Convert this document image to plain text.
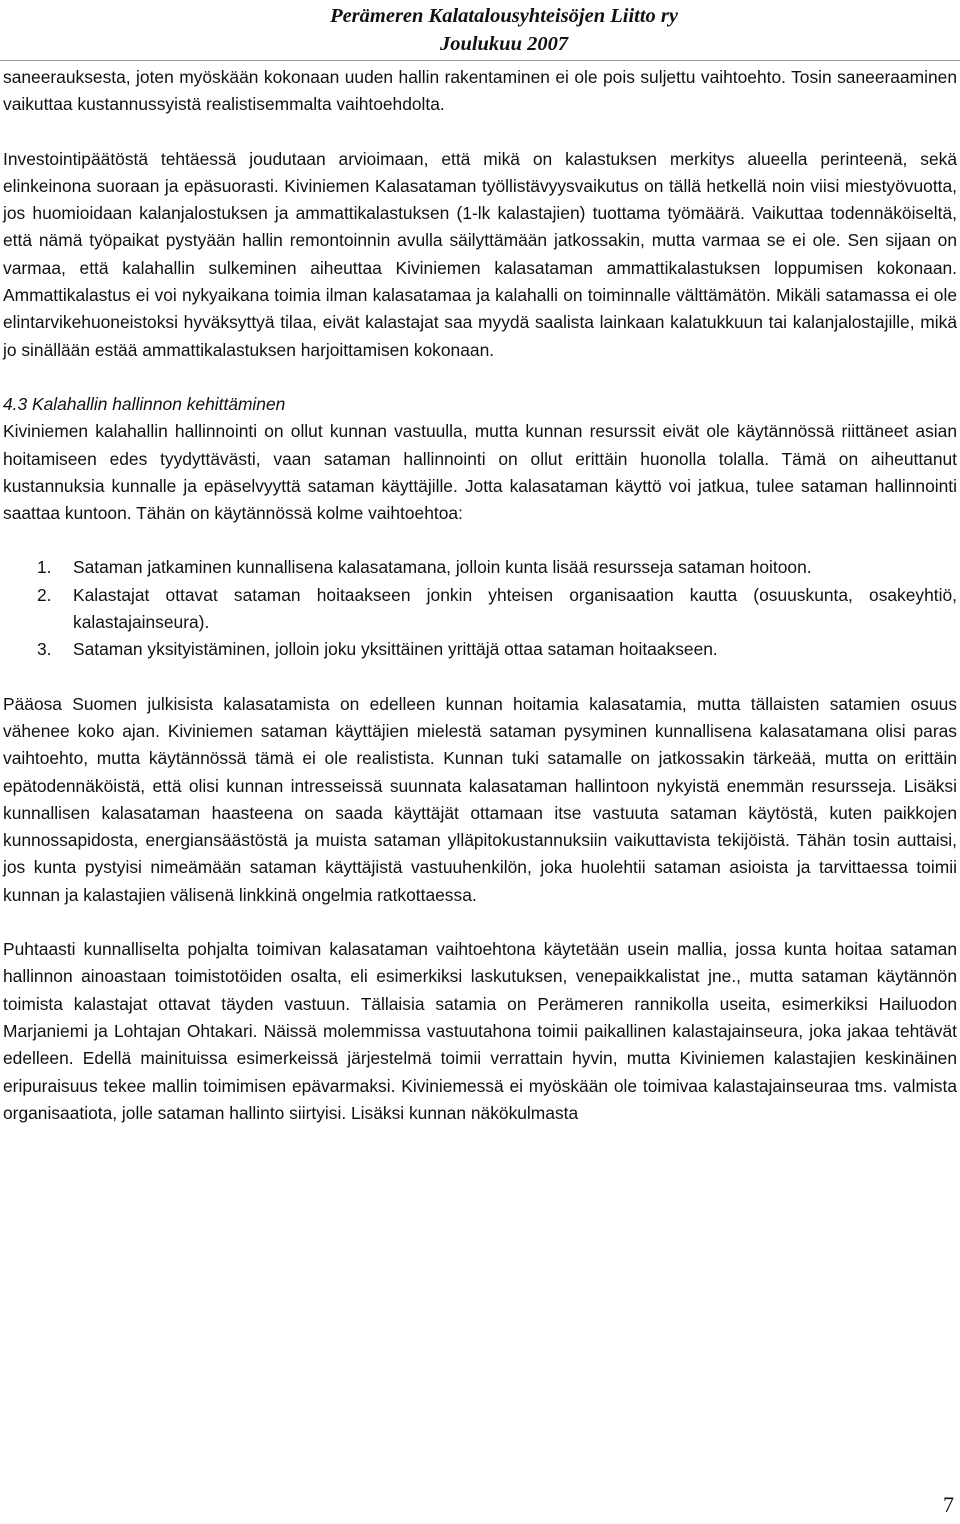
Perämeren Kalatalousyhteisöjen Liitto ry
Joulukuu 2007

saneerauksesta, joten myöskään kokonaan uuden hallin rakentaminen ei ole pois suljettu vaihtoehto. Tosin saneeraaminen vaikuttaa kustannussyistä realistisemmalta vaihtoehdolta.

Investointipäätöstä tehtäessä joudutaan arvioimaan, että mikä on kalastuksen merkitys alueella perinteenä, sekä elinkeinona suoraan ja epäsuorasti. Kiviniemen Kalasataman työllistävyysvaikutus on tällä hetkellä noin viisi miestyövuotta, jos huomioidaan kalanjalostuksen ja ammattikalastuksen (1-lk kalastajien) tuottama työmäärä. Vaikuttaa todennäköiseltä, että nämä työpaikat pystyään hallin remontoinnin avulla säilyttämään jatkossakin, mutta varmaa se ei ole. Sen sijaan on varmaa, että kalahallin sulkeminen aiheuttaa Kiviniemen kalasataman ammattikalastuksen loppumisen kokonaan. Ammattikalastus ei voi nykyaikana toimia ilman kalasatamaa ja kalahalli on toiminnalle välttämätön. Mikäli satamassa ei ole elintarvikehuoneistoksi hyväksyttyä tilaa, eivät kalastajat saa myydä saalista lainkaan kalatukkuun tai kalanjalostajille, mikä jo sinällään estää ammattikalastuksen harjoittamisen kokonaan.

4.3 Kalahallin hallinnon kehittäminen

Kiviniemen kalahallin hallinnointi on ollut kunnan vastuulla, mutta kunnan resurssit eivät ole käytännössä riittäneet asian hoitamiseen edes tyydyttävästi, vaan sataman hallinnointi on ollut erittäin huonolla tolalla. Tämä on aiheuttanut kustannuksia kunnalle ja epäselvyyttä sataman käyttäjille. Jotta kalasataman käyttö voi jatkua, tulee sataman hallinnointi saattaa kuntoon. Tähän on käytännössä kolme vaihtoehtoa:

1. Sataman jatkaminen kunnallisena kalasatamana, jolloin kunta lisää resursseja sataman hoitoon.
2. Kalastajat ottavat sataman hoitaakseen jonkin yhteisen organisaation kautta (osuuskunta, osakeyhtiö, kalastajainseura).
3. Sataman yksityistäminen, jolloin joku yksittäinen yrittäjä ottaa sataman hoitaakseen.

Pääosa Suomen julkisista kalasatamista on edelleen kunnan hoitamia kalasatamia, mutta tällaisten satamien osuus vähenee koko ajan. Kiviniemen sataman käyttäjien mielestä sataman pysyminen kunnallisena kalasatamana olisi paras vaihtoehto, mutta käytännössä tämä ei ole realistista. Kunnan tuki satamalle on jatkossakin tärkeää, mutta on erittäin epätodennäköistä, että olisi kunnan intresseissä suunnata kalasataman hallintoon nykyistä enemmän resursseja. Lisäksi kunnallisen kalasataman haasteena on saada käyttäjät ottamaan itse vastuuta sataman käytöstä, kuten paikkojen kunnossapidosta, energiansäästöstä ja muista sataman ylläpitokustannuksiin vaikuttavista tekijöistä. Tähän tosin auttaisi, jos kunta pystyisi nimeämään sataman käyttäjistä vastuuhenkilön, joka huolehtii sataman asioista ja tarvittaessa toimii kunnan ja kalastajien välisenä linkkinä ongelmia ratkottaessa.

Puhtaasti kunnalliselta pohjalta toimivan kalasataman vaihtoehtona käytetään usein mallia, jossa kunta hoitaa sataman hallinnon ainoastaan toimistotöiden osalta, eli esimerkiksi laskutuksen, venepaikkalistat jne., mutta sataman käytännön toimista kalastajat ottavat täyden vastuun. Tällaisia satamia on Perämeren rannikolla useita, esimerkiksi Hailuodon Marjaniemi ja Lohtajan Ohtakari. Näissä molemmissa vastuutahona toimii paikallinen kalastajainseura, joka jakaa tehtävät edelleen. Edellä mainituissa esimerkeissä järjestelmä toimii verrattain hyvin, mutta Kiviniemen kalastajien keskinäinen eripuraisuus tekee mallin toimimisen epävarmaksi. Kiviniemessä ei myöskään ole toimivaa kalastajainseuraa tms. valmista organisaatiota, jolle sataman hallinto siirtyisi. Lisäksi kunnan näkökulmasta

7
